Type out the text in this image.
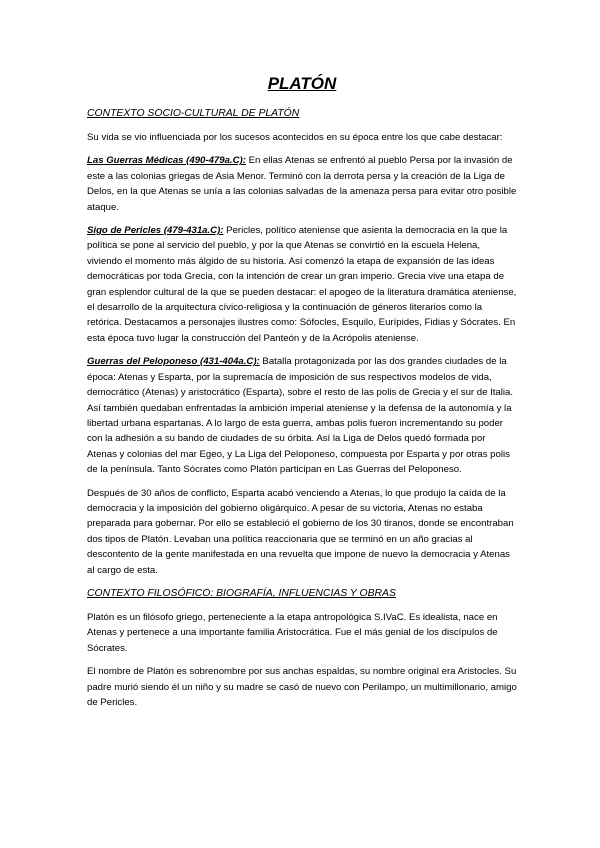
PLATÓN
CONTEXTO SOCIO-CULTURAL DE PLATÓN

Su vida se vio influenciada por los sucesos acontecidos en su época entre los que cabe destacar:

Las Guerras Médicas (490-479a.C): En ellas Atenas se enfrentó al pueblo Persa por la invasión de este a las colonias griegas de Asia Menor. Terminó con la derrota persa y la creación de la Liga de Delos, en la que Atenas se unía a las colonias salvadas de la amenaza persa para evitar otro posible ataque.

Sigo de Pericles (479-431a.C): Pericles, político ateniense que asienta la democracia en la que la política se pone al servicio del pueblo, y por la que Atenas se convirtió en la escuela Helena, viviendo el momento más álgido de su historia. Así comenzó la etapa de expansión de las ideas democráticas por toda Grecia, con la intención de crear un gran imperio. Grecia vive una etapa de gran esplendor cultural de la que se pueden destacar: el apogeo de la literatura dramática ateniense, el desarrollo de la arquitectura cívico-religiosa y la continuación de géneros literarios como la retórica. Destacamos a personajes ilustres como: Sófocles, Esquilo, Eurípides, Fidias y Sócrates. En esta época tuvo lugar la construcción del Panteón y de la Acrópolis ateniense.

Guerras del Peloponeso (431-404a.C): Batalla protagonizada por las dos grandes ciudades de la época: Atenas y Esparta, por la supremacía de imposición de sus respectivos modelos de vida, democrático (Atenas) y aristocrático (Esparta), sobre el resto de las polis de Grecia y el sur de Italia. Así también quedaban enfrentadas la ambición imperial ateniense y la defensa de la autonomía y la libertad urbana espartanas. A lo largo de esta guerra, ambas polis fueron incrementando su poder con la adhesión a su bando de ciudades de su órbita. Así la Liga de Delos quedó formada por Atenas y colonias del mar Egeo, y La Liga del Peloponeso, compuesta por Esparta y por otras polis de la península. Tanto Sócrates como Platón participan en Las Guerras del Peloponeso.

Después de 30 años de conflicto, Esparta acabó venciendo a Atenas, lo que produjo la caída de la democracia y la imposición del gobierno oligárquico. A pesar de su victoria, Atenas no estaba preparada para gobernar. Por ello se estableció el gobierno de los 30 tiranos, donde se encontraban dos tipos de Platón. Levaban una política reaccionaria que se terminó en un año gracias al descontento de la gente manifestada en una revuelta que impone de nuevo la democracia y Atenas al cargo de esta.

CONTEXTO FILOSÓFICO: BIOGRAFÍA, INFLUENCIAS Y OBRAS

Platón es un filósofo griego, perteneciente a la etapa antropológica S.IVaC. Es idealista, nace en Atenas y pertenece a una importante familia Aristocrática. Fue el más genial de los discípulos de Sócrates.

El nombre de Platón es sobrenombre por sus anchas espaldas, su nombre original era Aristocles. Su padre murió siendo él un niño y su madre se casó de nuevo con Perilampo, un multimillonario, amigo de Pericles.
